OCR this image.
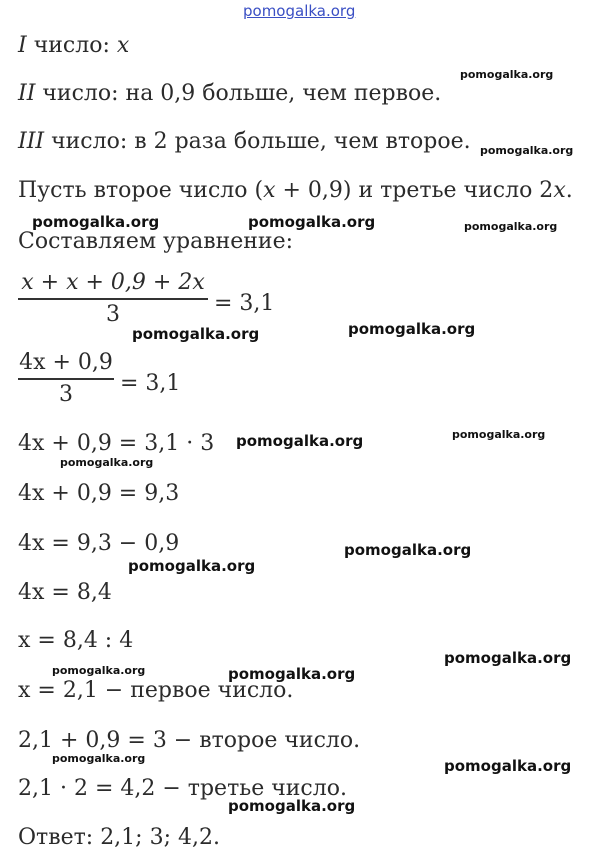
pomogalka.org
pomogalka.org
pomogalka.org
pomogalka.org	pomogalka.org	pomogalka.org
pomogalka.org	pomogalka.org
pomogalka.org	pomogalka.org
pomogalka.org
pomogalka.org
pomogalka.org
pomogalka.org
pomogalka.org	pomogalka.org
pomogalka.org	pomogalka.org
pomogalka.org
I число: x
II число: на 0,9 больше, чем первое.
III число: в 2 раза больше, чем второе.
Пусть второе число (x + 0,9) и третье число 2x.
Составляем уравнение:
x + x + 0,9 + 2x
3	= 3,1
4x + 0,9
3	= 3,1
4x + 0,9 = 3,1 · 3
4x + 0,9 = 9,3
4x = 9,3 − 0,9
4x = 8,4
x = 8,4 : 4
x = 2,1 − первое число.
2,1 + 0,9 = 3 − второе число.
2,1 · 2 = 4,2 − третье число.
Ответ: 2,1; 3; 4,2.
